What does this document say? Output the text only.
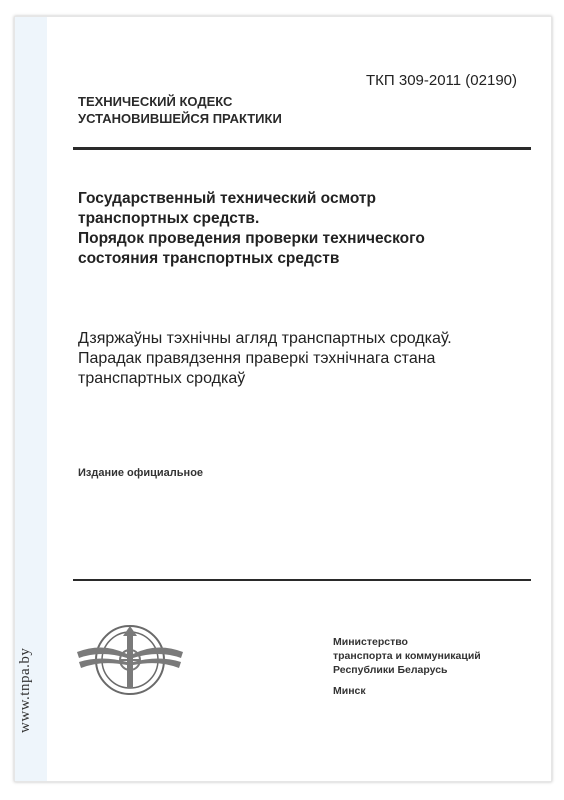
www.tnpa.by
ТКП 309-2011 (02190)
ТЕХНИЧЕСКИЙ КОДЕКС
УСТАНОВИВШЕЙСЯ ПРАКТИКИ
Государственный технический осмотр
транспортных средств.
Порядок проведения проверки технического
состояния транспортных средств
Дзяржаўны тэхнічны агляд транспартных сродкаў.
Парадак правядзення праверкі тэхнічнага стана
транспартных сродкаў
Издание официальное
Министерство
транспорта и коммуникаций
Республики Беларусь
Минск
